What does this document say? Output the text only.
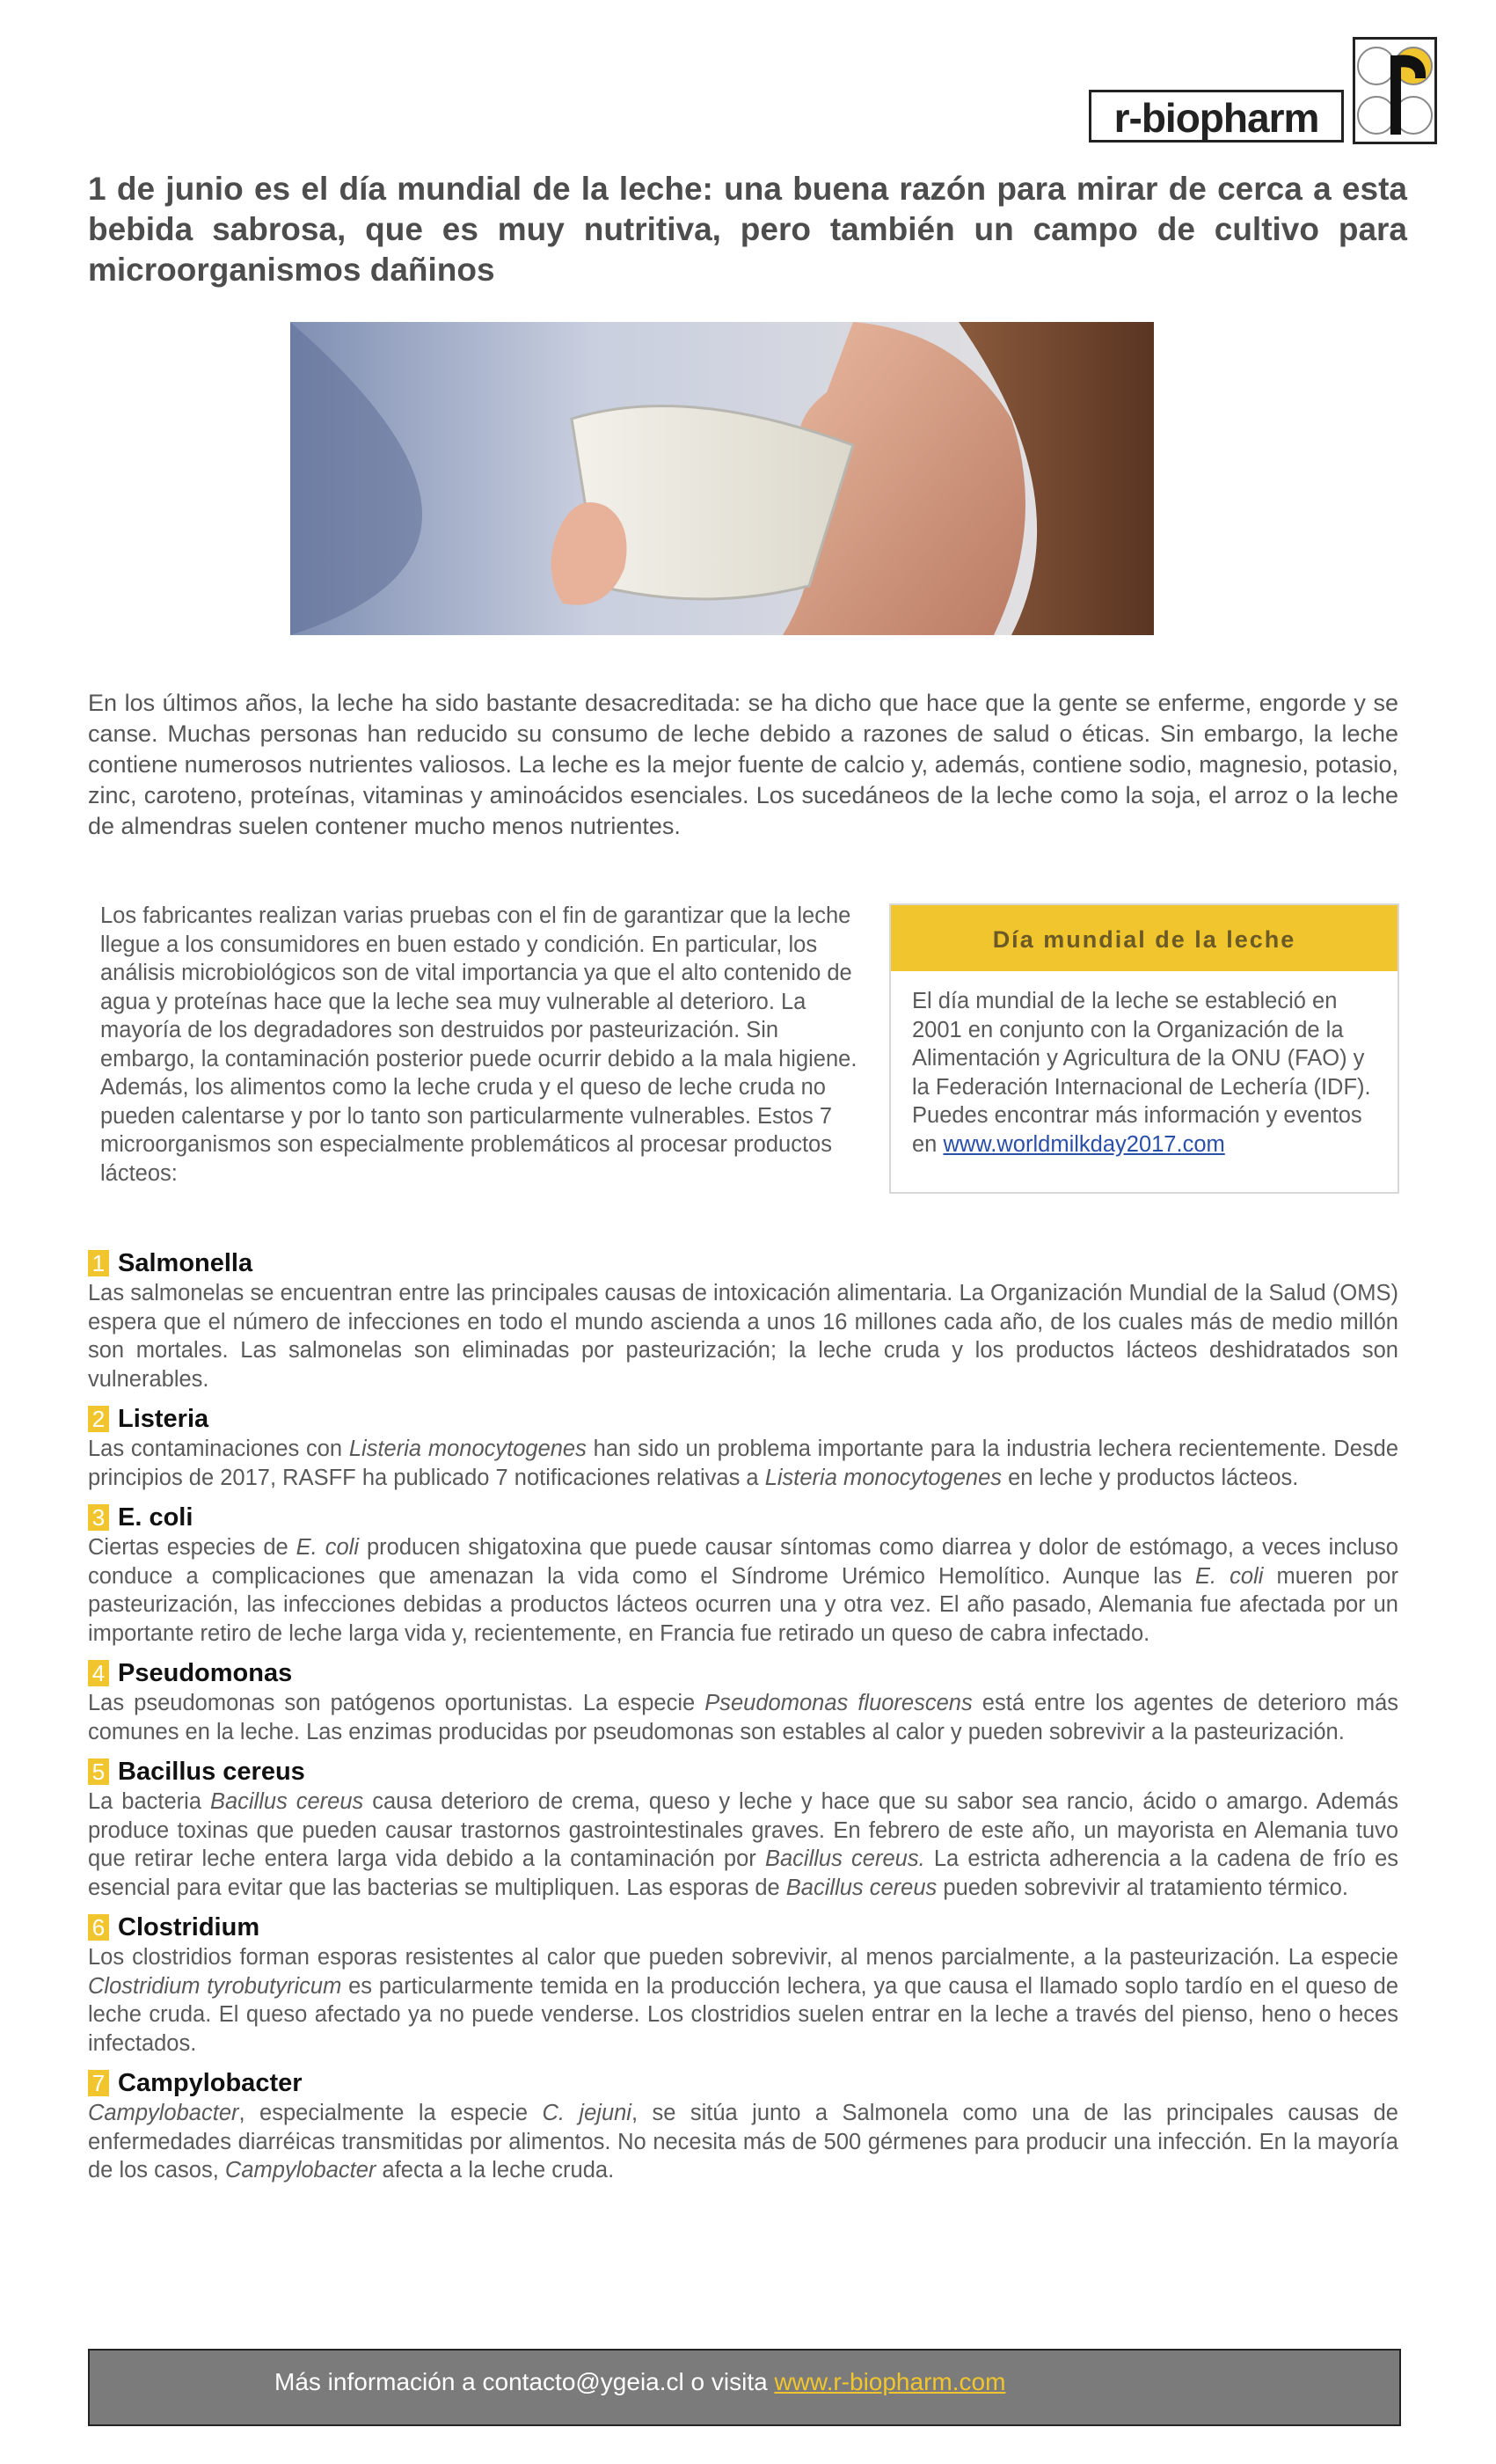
r-biopharm
1 de junio es el día mundial de la leche: una buena razón para mirar de cerca a esta bebida sabrosa, que es muy nutritiva, pero también un campo de cultivo para microorganismos dañinos
En los últimos años, la leche ha sido bastante desacreditada: se ha dicho que hace que la gente se enferme, engorde y se canse. Muchas personas han reducido su consumo de leche debido a razones de salud o éticas. Sin embargo, la leche contiene numerosos nutrientes valiosos. La leche es la mejor fuente de calcio y, además, contiene sodio, magnesio, potasio, zinc, caroteno, proteínas, vitaminas y aminoácidos esenciales. Los sucedáneos de la leche como la soja, el arroz o la leche de almendras suelen contener mucho menos nutrientes.
Los fabricantes realizan varias pruebas con el fin de garantizar que la leche llegue a los consumidores en buen estado y condición. En particular, los análisis microbiológicos son de vital importancia ya que el alto contenido de agua y proteínas hace que la leche sea muy vulnerable al deterioro. La mayoría de los degradadores son destruidos por pasteurización. Sin embargo, la contaminación posterior puede ocurrir debido a la mala higiene. Además, los alimentos como la leche cruda y el queso de leche cruda no pueden calentarse y por lo tanto son particularmente vulnerables. Estos 7 microorganismos son especialmente problemáticos al procesar productos lácteos:
Día mundial de la leche
El día mundial de la leche se estableció en 2001 en conjunto con la Organización de la Alimentación y Agricultura de la ONU (FAO) y la Federación Internacional de Lechería (IDF). Puedes encontrar más información y eventos en www.worldmilkday2017.com
1 Salmonella
Las salmonelas se encuentran entre las principales causas de intoxicación alimentaria. La Organización Mundial de la Salud (OMS) espera que el número de infecciones en todo el mundo ascienda a unos 16 millones cada año, de los cuales más de medio millón son mortales. Las salmonelas son eliminadas por pasteurización; la leche cruda y los productos lácteos deshidratados son vulnerables.
2 Listeria
Las contaminaciones con Listeria monocytogenes han sido un problema importante para la industria lechera recientemente. Desde principios de 2017, RASFF ha publicado 7 notificaciones relativas a Listeria monocytogenes en leche y productos lácteos.
3 E. coli
Ciertas especies de E. coli producen shigatoxina que puede causar síntomas como diarrea y dolor de estómago, a veces incluso conduce a complicaciones que amenazan la vida como el Síndrome Urémico Hemolítico. Aunque las E. coli mueren por pasteurización, las infecciones debidas a productos lácteos ocurren una y otra vez. El año pasado, Alemania fue afectada por un importante retiro de leche larga vida y, recientemente, en Francia fue retirado un queso de cabra infectado.
4 Pseudomonas
Las pseudomonas son patógenos oportunistas. La especie Pseudomonas fluorescens está entre los agentes de deterioro más comunes en la leche. Las enzimas producidas por pseudomonas son estables al calor y pueden sobrevivir a la pasteurización.
5 Bacillus cereus
La bacteria Bacillus cereus causa deterioro de crema, queso y leche y hace que su sabor sea rancio, ácido o amargo. Además produce toxinas que pueden causar trastornos gastrointestinales graves. En febrero de este año, un mayorista en Alemania tuvo que retirar leche entera larga vida debido a la contaminación por Bacillus cereus. La estricta adherencia a la cadena de frío es esencial para evitar que las bacterias se multipliquen. Las esporas de Bacillus cereus pueden sobrevivir al tratamiento térmico.
6 Clostridium
Los clostridios forman esporas resistentes al calor que pueden sobrevivir, al menos parcialmente, a la pasteurización. La especie Clostridium tyrobutyricum es particularmente temida en la producción lechera, ya que causa el llamado soplo tardío en el queso de leche cruda. El queso afectado ya no puede venderse. Los clostridios suelen entrar en la leche a través del pienso, heno o heces infectados.
7 Campylobacter
Campylobacter, especialmente la especie C. jejuni, se sitúa junto a Salmonela como una de las principales causas de enfermedades diarréicas transmitidas por alimentos. No necesita más de 500 gérmenes para producir una infección. En la mayoría de los casos, Campylobacter afecta a la leche cruda.
Más información a contacto@ygeia.cl o visita www.r-biopharm.com
